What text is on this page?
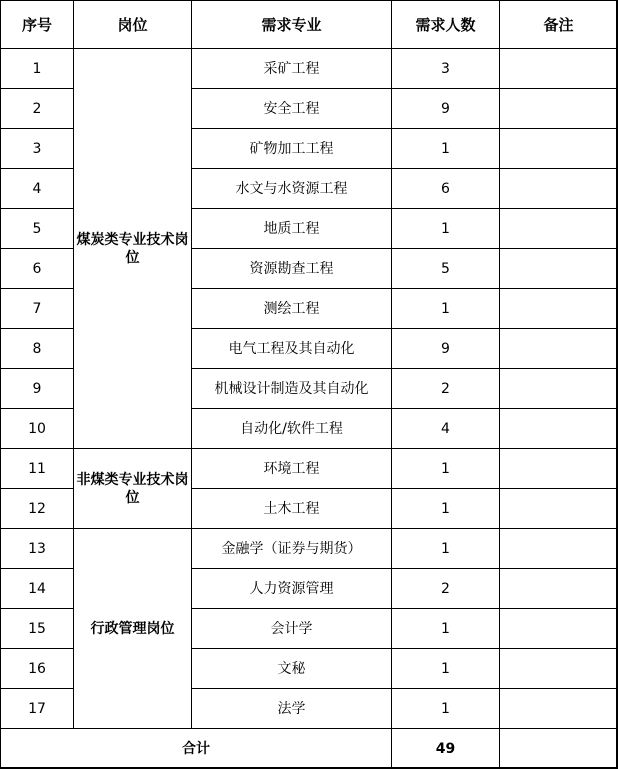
序号	岗位	需求专业	需求人数	备注
1	煤炭类专业技术岗位	采矿工程	3	
2		安全工程	9	
3		矿物加工工程	1	
4		水文与水资源工程	6	
5		地质工程	1	
6		资源勘查工程	5	
7		测绘工程	1	
8		电气工程及其自动化	9	
9		机械设计制造及其自动化	2	
10		自动化/软件工程	4	
11	非煤类专业技术岗位	环境工程	1	
12		土木工程	1	
13	行政管理岗位	金融学（证券与期货）	1	
14		人力资源管理	2	
15		会计学	1	
16		文秘	1	
17		法学	1	
合计			49	
